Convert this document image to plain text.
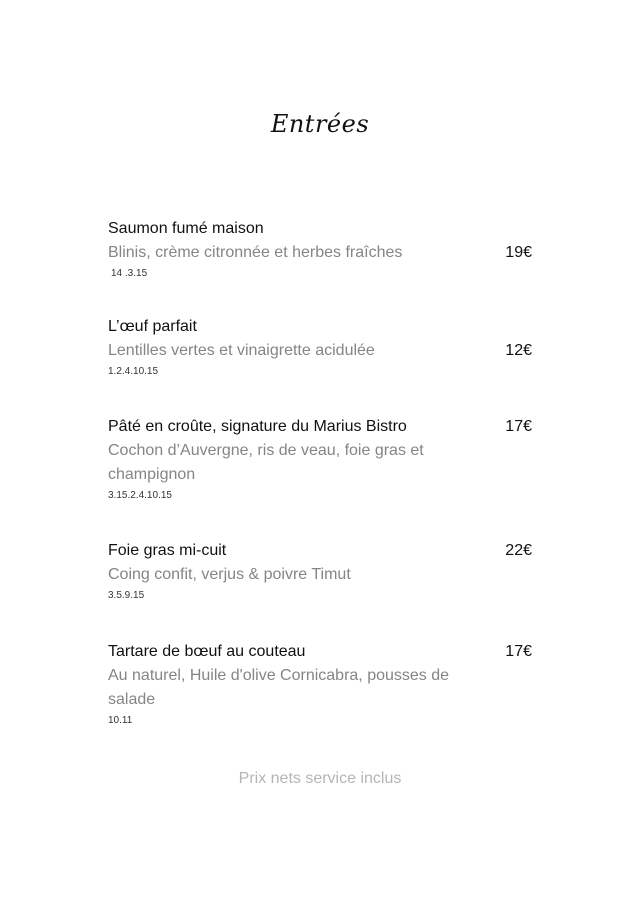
Entrées
Saumon fumé maison
Blinis, crème citronnée et herbes fraîches
14 .3.15
19€
L’œuf parfait
Lentilles vertes et vinaigrette acidulée
1.2.4.10.15
12€
Pâté en croûte, signature du Marius Bistro
Cochon d’Auvergne, ris de veau, foie gras et champignon
3.15.2.4.10.15
17€
Foie gras mi-cuit
Coing confit, verjus & poivre Timut
3.5.9.15
22€
Tartare de bœuf au couteau
Au naturel, Huile d'olive Cornicabra, pousses de salade
10.11
17€
Prix nets service inclus
